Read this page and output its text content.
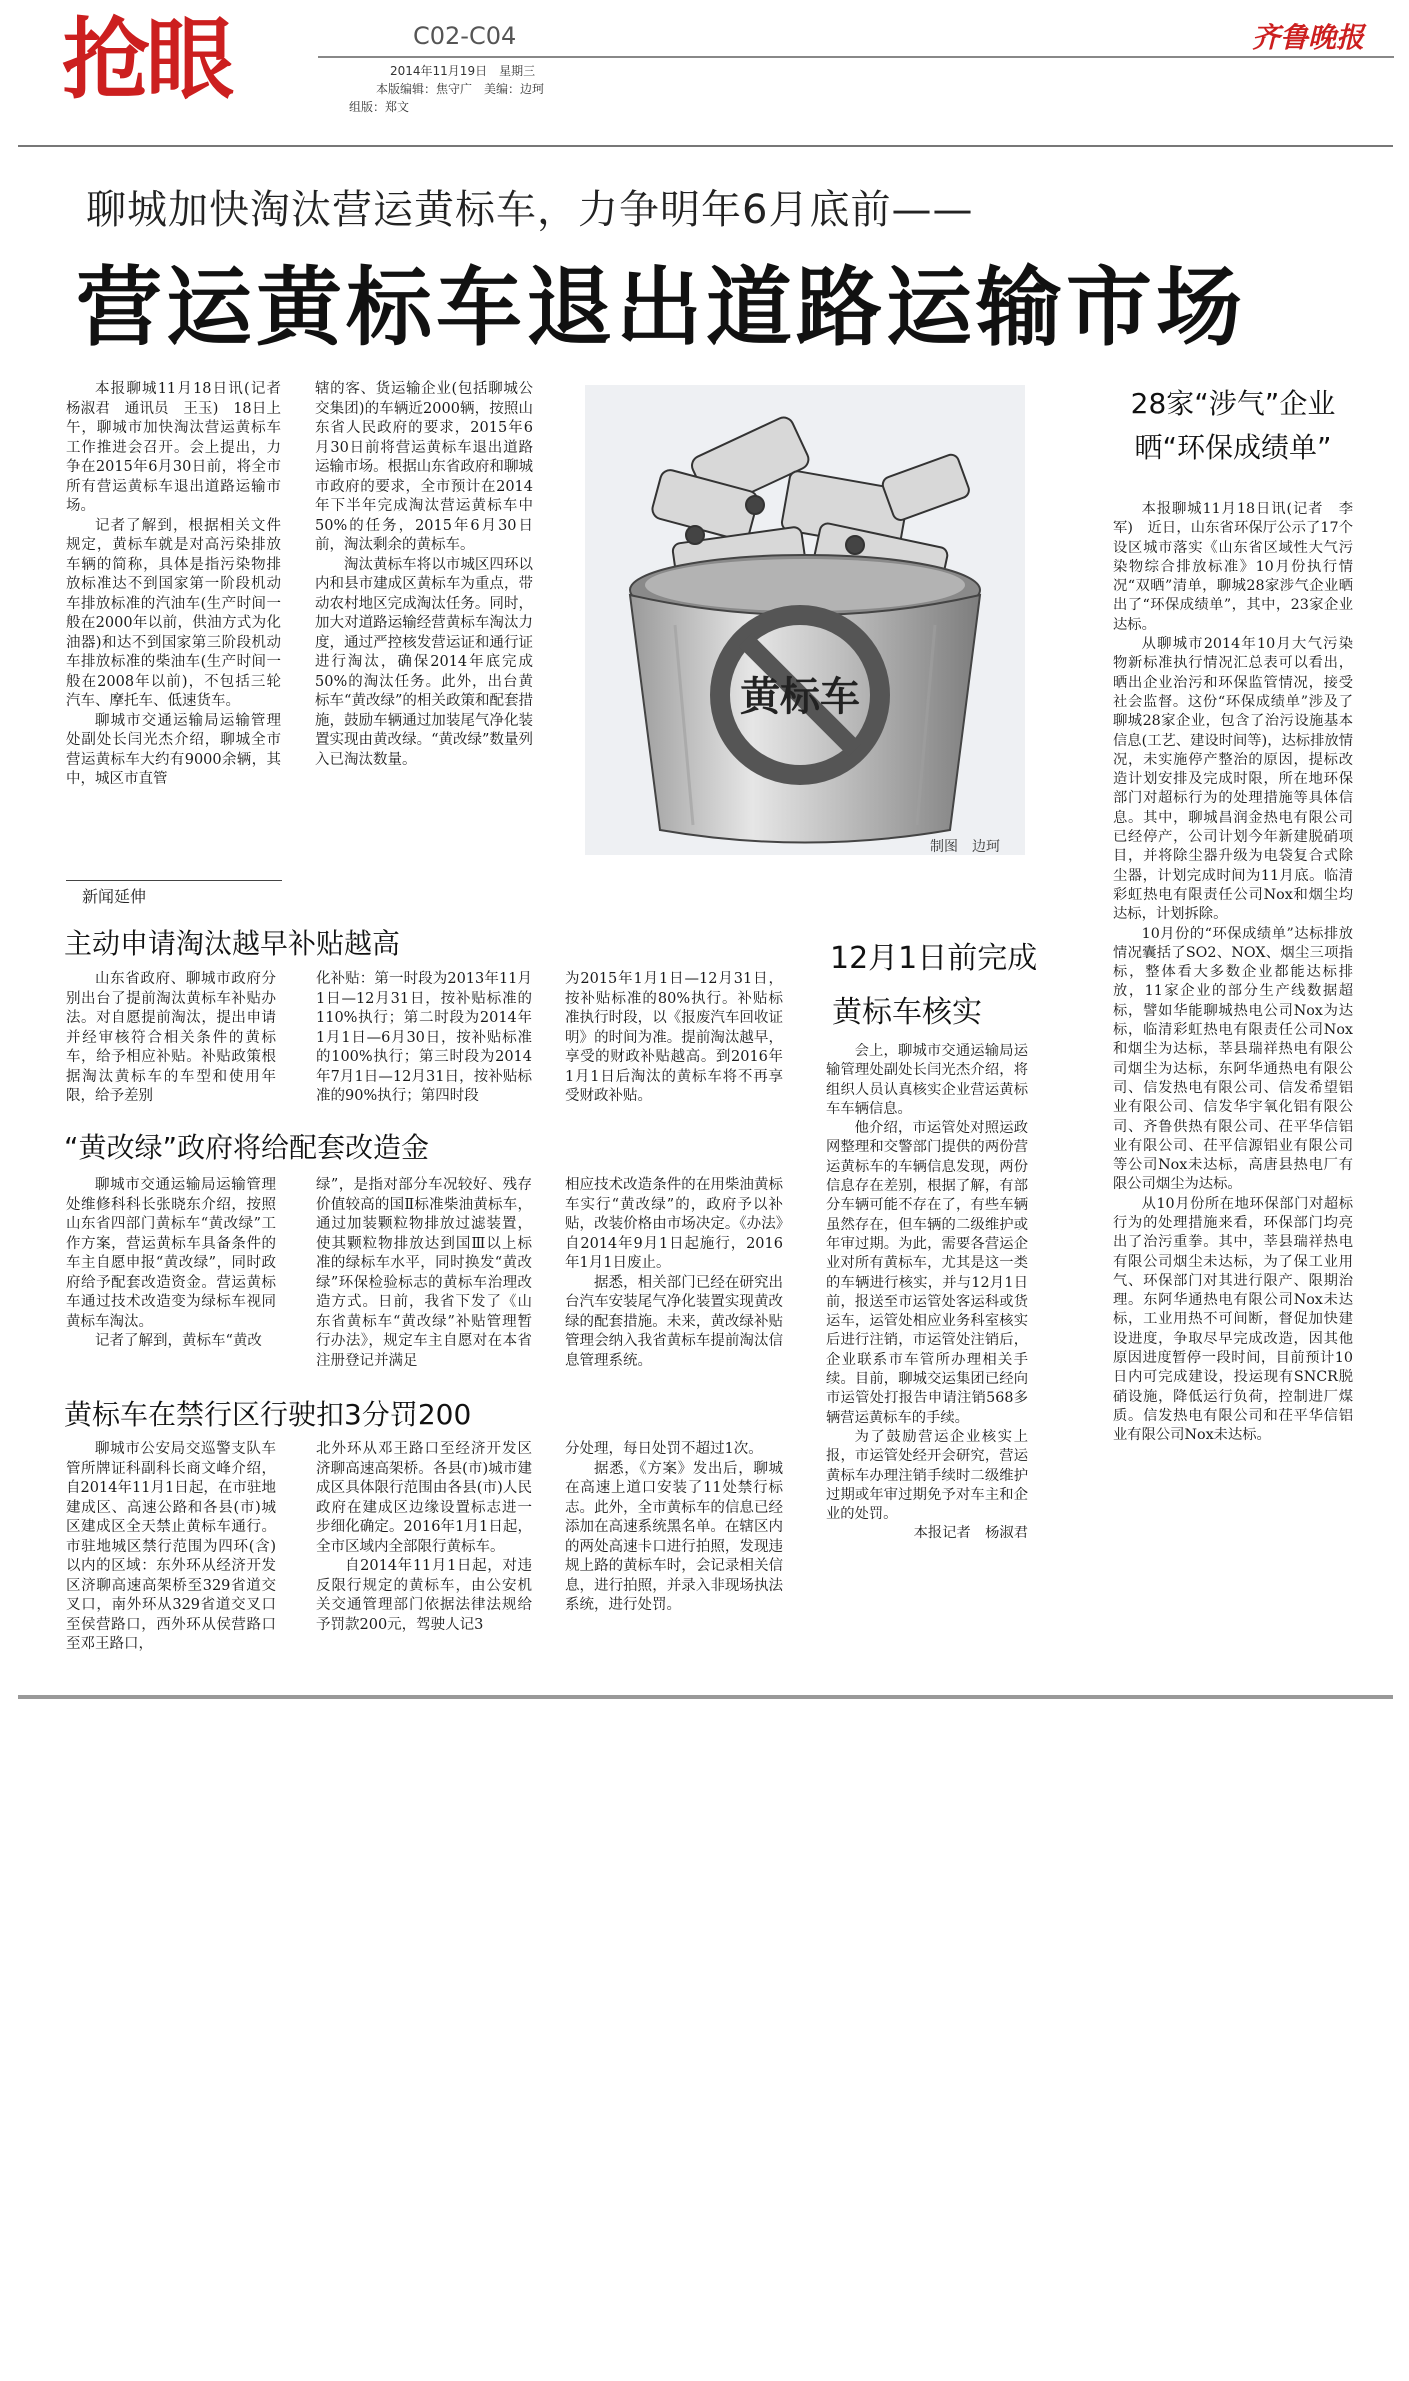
抢眼	C02-C04	齐鲁晚报
2014年11月19日　星期三
本版编辑：焦守广　美编：边珂
组版：郑文
聊城加快淘汰营运黄标车，力争明年6月底前——
营运黄标车退出道路运输市场

本报聊城11月18日讯(记者　杨淑君　通讯员　王玉)　18日上午，聊城市加快淘汰营运黄标车工作推进会召开。会上提出，力争在2015年6月30日前，将全市所有营运黄标车退出道路运输市场。

记者了解到，根据相关文件规定，黄标车就是对高污染排放车辆的简称，具体是指污染物排放标准达不到国家第一阶段机动车排放标准的汽油车(生产时间一般在2000年以前，供油方式为化油器)和达不到国家第三阶段机动车排放标准的柴油车(生产时间一般在2008年以前)，不包括三轮汽车、摩托车、低速货车。

聊城市交通运输局运输管理处副处长闫光杰介绍，聊城全市营运黄标车大约有9000余辆，其中，城区市直管

辖的客、货运输企业(包括聊城公交集团)的车辆近2000辆，按照山东省人民政府的要求，2015年6月30日前将营运黄标车退出道路运输市场。根据山东省政府和聊城市政府的要求，全市预计在2014年下半年完成淘汰营运黄标车中50%的任务，2015年6月30日前，淘汰剩余的黄标车。

淘汰黄标车将以市城区四环以内和县市建成区黄标车为重点，带动农村地区完成淘汰任务。同时，加大对道路运输经营黄标车淘汰力度，通过严控核发营运证和通行证进行淘汰，确保2014年底完成50%的淘汰任务。此外，出台黄标车“黄改绿”的相关政策和配套措施，鼓励车辆通过加装尾气净化装置实现由黄改绿。“黄改绿”数量列入已淘汰数量。

黄标车
制图　边珂
28家“涉气”企业
晒“环保成绩单”

本报聊城11月18日讯(记者　李军)　近日，山东省环保厅公示了17个设区城市落实《山东省区域性大气污染物综合排放标准》10月份执行情况“双晒”清单，聊城28家涉气企业晒出了“环保成绩单”，其中，23家企业达标。

从聊城市2014年10月大气污染物新标准执行情况汇总表可以看出，晒出企业治污和环保监管情况，接受社会监督。这份“环保成绩单”涉及了聊城28家企业，包含了治污设施基本信息(工艺、建设时间等)，达标排放情况，未实施停产整治的原因，提标改造计划安排及完成时限，所在地环保部门对超标行为的处理措施等具体信息。其中，聊城昌润金热电有限公司已经停产，公司计划今年新建脱硝项目，并将除尘器升级为电袋复合式除尘器，计划完成时间为11月底。临清彩虹热电有限责任公司Nox和烟尘均达标，计划拆除。

10月份的“环保成绩单”达标排放情况囊括了SO2、NOX、烟尘三项指标，整体看大多数企业都能达标排放，11家企业的部分生产线数据超标，譬如华能聊城热电公司Nox为达标，临清彩虹热电有限责任公司Nox和烟尘为达标，莘县瑞祥热电有限公司烟尘为达标，东阿华通热电有限公司、信发热电有限公司、信发希望铝业有限公司、信发华宇氧化铝有限公司、齐鲁供热有限公司、茌平华信铝业有限公司、茌平信源铝业有限公司等公司Nox未达标，高唐县热电厂有限公司烟尘为达标。

从10月份所在地环保部门对超标行为的处理措施来看，环保部门均亮出了治污重拳。其中，莘县瑞祥热电有限公司烟尘未达标，为了保工业用气、环保部门对其进行限产、限期治理。东阿华通热电有限公司Nox未达标，工业用热不可间断，督促加快建设进度，争取尽早完成改造，因其他原因进度暂停一段时间，目前预计10日内可完成建设，投运现有SNCR脱硝设施，降低运行负荷，控制进厂煤质。信发热电有限公司和茌平华信铝业有限公司Nox未达标。

新闻延伸
主动申请淘汰越早补贴越高

山东省政府、聊城市政府分别出台了提前淘汰黄标车补贴办法。对自愿提前淘汰，提出申请并经审核符合相关条件的黄标车，给予相应补贴。补贴政策根据淘汰黄标车的车型和使用年限，给予差别

化补贴：第一时段为2013年11月1日—12月31日，按补贴标准的110%执行；第二时段为2014年1月1日—6月30日，按补贴标准的100%执行；第三时段为2014年7月1日—12月31日，按补贴标准的90%执行；第四时段

为2015年1月1日—12月31日，按补贴标准的80%执行。补贴标准执行时段，以《报废汽车回收证明》的时间为准。提前淘汰越早，享受的财政补贴越高。到2016年1月1日后淘汰的黄标车将不再享受财政补贴。

“黄改绿”政府将给配套改造金

聊城市交通运输局运输管理处维修科科长张晓东介绍，按照山东省四部门黄标车“黄改绿”工作方案，营运黄标车具备条件的车主自愿申报“黄改绿”，同时政府给予配套改造资金。营运黄标车通过技术改造变为绿标车视同黄标车淘汰。

记者了解到，黄标车“黄改

绿”，是指对部分车况较好、残存价值较高的国Ⅱ标准柴油黄标车，通过加装颗粒物排放过滤装置，使其颗粒物排放达到国Ⅲ以上标准的绿标车水平，同时换发“黄改绿”环保检验标志的黄标车治理改造方式。日前，我省下发了《山东省黄标车“黄改绿”补贴管理暂行办法》，规定车主自愿对在本省注册登记并满足

相应技术改造条件的在用柴油黄标车实行“黄改绿”的，政府予以补贴，改装价格由市场决定。《办法》自2014年9月1日起施行，2016年1月1日废止。

据悉，相关部门已经在研究出台汽车安装尾气净化装置实现黄改绿的配套措施。未来，黄改绿补贴管理会纳入我省黄标车提前淘汰信息管理系统。

黄标车在禁行区行驶扣3分罚200

聊城市公安局交巡警支队车管所牌证科副科长商文峰介绍，自2014年11月1日起，在市驻地建成区、高速公路和各县(市)城区建成区全天禁止黄标车通行。市驻地城区禁行范围为四环(含)以内的区域：东外环从经济开发区济聊高速高架桥至329省道交叉口，南外环从329省道交叉口至侯营路口，西外环从侯营路口至邓王路口，

北外环从邓王路口至经济开发区济聊高速高架桥。各县(市)城市建成区具体限行范围由各县(市)人民政府在建成区边缘设置标志进一步细化确定。2016年1月1日起，全市区域内全部限行黄标车。

自2014年11月1日起，对违反限行规定的黄标车，由公安机关交通管理部门依据法律法规给予罚款200元，驾驶人记3

分处理，每日处罚不超过1次。

据悉，《方案》发出后，聊城在高速上道口安装了11处禁行标志。此外，全市黄标车的信息已经添加在高速系统黑名单。在辖区内的两处高速卡口进行拍照，发现违规上路的黄标车时，会记录相关信息，进行拍照，并录入非现场执法系统，进行处罚。

12月1日前完成
黄标车核实

会上，聊城市交通运输局运输管理处副处长闫光杰介绍，将组织人员认真核实企业营运黄标车车辆信息。

他介绍，市运管处对照运政网整理和交警部门提供的两份营运黄标车的车辆信息发现，两份信息存在差别，根据了解，有部分车辆可能不存在了，有些车辆虽然存在，但车辆的二级维护或年审过期。为此，需要各营运企业对所有黄标车，尤其是这一类的车辆进行核实，并与12月1日前，报送至市运管处客运科或货运车，运管处相应业务科室核实后进行注销，市运管处注销后，企业联系市车管所办理相关手续。目前，聊城交运集团已经向市运管处打报告申请注销568多辆营运黄标车的手续。

为了鼓励营运企业核实上报，市运管处经开会研究，营运黄标车办理注销手续时二级维护过期或年审过期免予对车主和企业的处罚。

本报记者　杨淑君
